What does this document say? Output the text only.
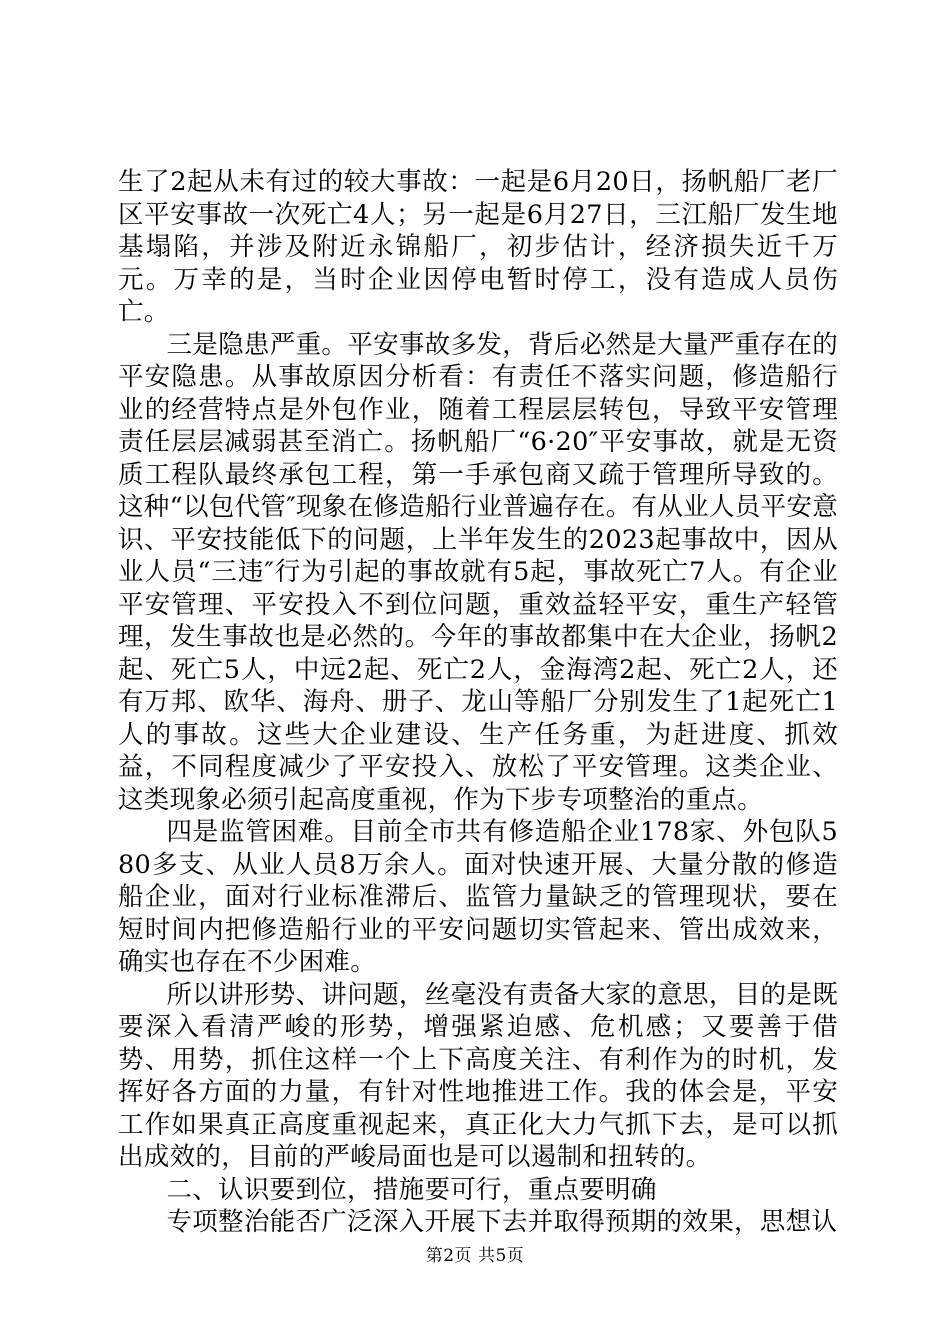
生了2起从未有过的较大事故：一起是6月20日，扬帆船厂老厂区平安事故一次死亡4人；另一起是6月27日，三江船厂发生地基塌陷，并涉及附近永锦船厂，初步估计，经济损失近千万元。万幸的是，当时企业因停电暂时停工，没有造成人员伤亡。

三是隐患严重。平安事故多发，背后必然是大量严重存在的平安隐患。从事故原因分析看：有责任不落实问题，修造船行业的经营特点是外包作业，随着工程层层转包，导致平安管理责任层层减弱甚至消亡。扬帆船厂“6·20″平安事故，就是无资质工程队最终承包工程，第一手承包商又疏于管理所导致的。这种“以包代管″现象在修造船行业普遍存在。有从业人员平安意识、平安技能低下的问题，上半年发生的2023起事故中，因从业人员“三违″行为引起的事故就有5起，事故死亡7人。有企业平安管理、平安投入不到位问题，重效益轻平安，重生产轻管理，发生事故也是必然的。今年的事故都集中在大企业，扬帆2起、死亡5人，中远2起、死亡2人，金海湾2起、死亡2人，还有万邦、欧华、海舟、册子、龙山等船厂分别发生了1起死亡1人的事故。这些大企业建设、生产任务重，为赶进度、抓效益，不同程度减少了平安投入、放松了平安管理。这类企业、这类现象必须引起高度重视，作为下步专项整治的重点。

四是监管困难。目前全市共有修造船企业178家、外包队580多支、从业人员8万余人。面对快速开展、大量分散的修造船企业，面对行业标准滞后、监管力量缺乏的管理现状，要在短时间内把修造船行业的平安问题切实管起来、管出成效来，确实也存在不少困难。

所以讲形势、讲问题，丝毫没有责备大家的意思，目的是既要深入看清严峻的形势，增强紧迫感、危机感；又要善于借势、用势，抓住这样一个上下高度关注、有利作为的时机，发挥好各方面的力量，有针对性地推进工作。我的体会是，平安工作如果真正高度重视起来，真正化大力气抓下去，是可以抓出成效的，目前的严峻局面也是可以遏制和扭转的。

二、认识要到位，措施要可行，重点要明确

专项整治能否广泛深入开展下去并取得预期的效果，思想认

第2页 共5页
